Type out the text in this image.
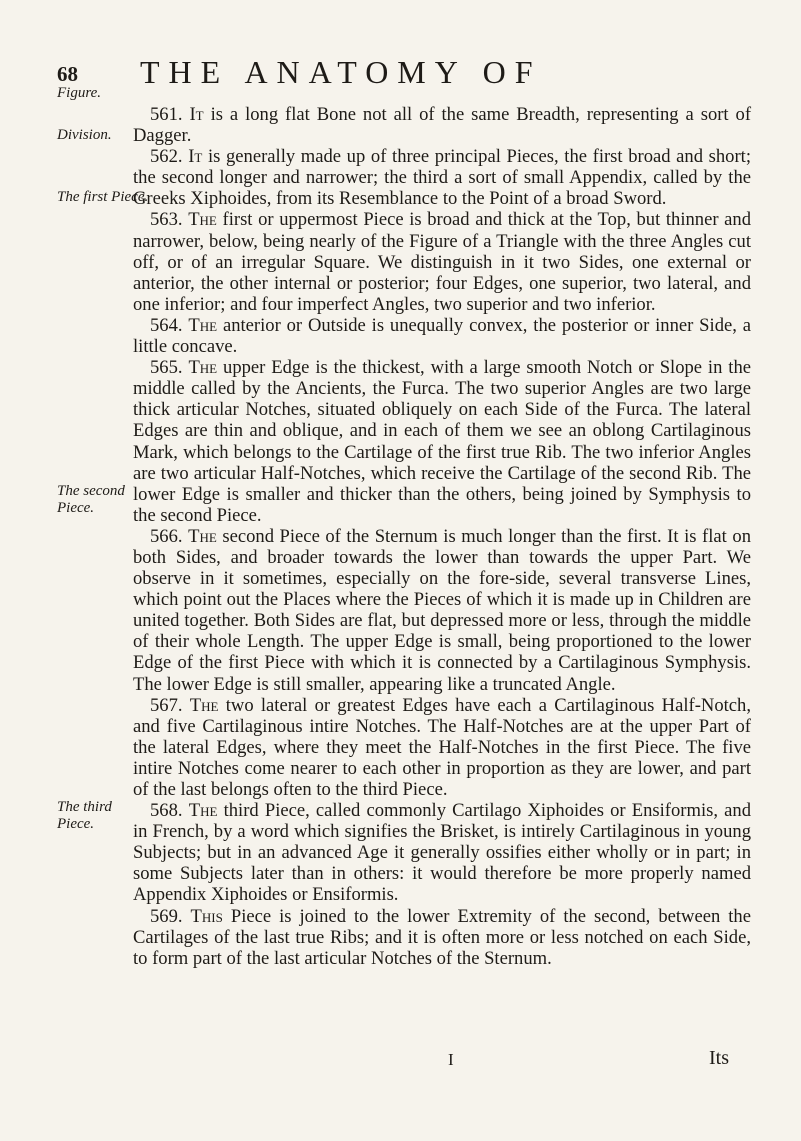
68 THE ANATOMY OF
Figure.
Division.
The first Piece.
The second Piece.
The third Piece.

561. It is a long flat Bone not all of the same Breadth, representing a sort of Dagger.

562. It is generally made up of three principal Pieces, the first broad and short; the second longer and narrower; the third a sort of small Appendix, called by the Greeks Xiphoides, from its Resemblance to the Point of a broad Sword.

563. The first or uppermost Piece is broad and thick at the Top, but thinner and narrower, below, being nearly of the Figure of a Triangle with the three Angles cut off, or of an irregular Square. We distinguish in it two Sides, one external or anterior, the other internal or posterior; four Edges, one superior, two lateral, and one inferior; and four imperfect Angles, two superior and two inferior.

564. The anterior or Outside is unequally convex, the posterior or inner Side, a little concave.

565. The upper Edge is the thickest, with a large smooth Notch or Slope in the middle called by the Ancients, the Furca. The two superior Angles are two large thick articular Notches, situated obliquely on each Side of the Furca. The lateral Edges are thin and oblique, and in each of them we see an oblong Cartilaginous Mark, which belongs to the Cartilage of the first true Rib. The two inferior Angles are two articular Half-Notches, which receive the Cartilage of the second Rib. The lower Edge is smaller and thicker than the others, being joined by Symphysis to the second Piece.

566. The second Piece of the Sternum is much longer than the first. It is flat on both Sides, and broader towards the lower than towards the upper Part. We observe in it sometimes, especially on the fore-side, several transverse Lines, which point out the Places where the Pieces of which it is made up in Children are united together. Both Sides are flat, but depressed more or less, through the middle of their whole Length. The upper Edge is small, being proportioned to the lower Edge of the first Piece with which it is connected by a Cartilaginous Symphysis. The lower Edge is still smaller, appearing like a truncated Angle.

567. The two lateral or greatest Edges have each a Cartilaginous Half-Notch, and five Cartilaginous intire Notches. The Half-Notches are at the upper Part of the lateral Edges, where they meet the Half-Notches in the first Piece. The five intire Notches come nearer to each other in proportion as they are lower, and part of the last belongs often to the third Piece.

568. The third Piece, called commonly Cartilago Xiphoides or Ensiformis, and in French, by a word which signifies the Brisket, is intirely Cartilaginous in young Subjects; but in an advanced Age it generally ossifies either wholly or in part; in some Subjects later than in others: it would therefore be more properly named Appendix Xiphoides or Ensiformis.

569. This Piece is joined to the lower Extremity of the second, between the Cartilages of the last true Ribs; and it is often more or less notched on each Side, to form part of the last articular Notches of the Sternum.

I	Its
